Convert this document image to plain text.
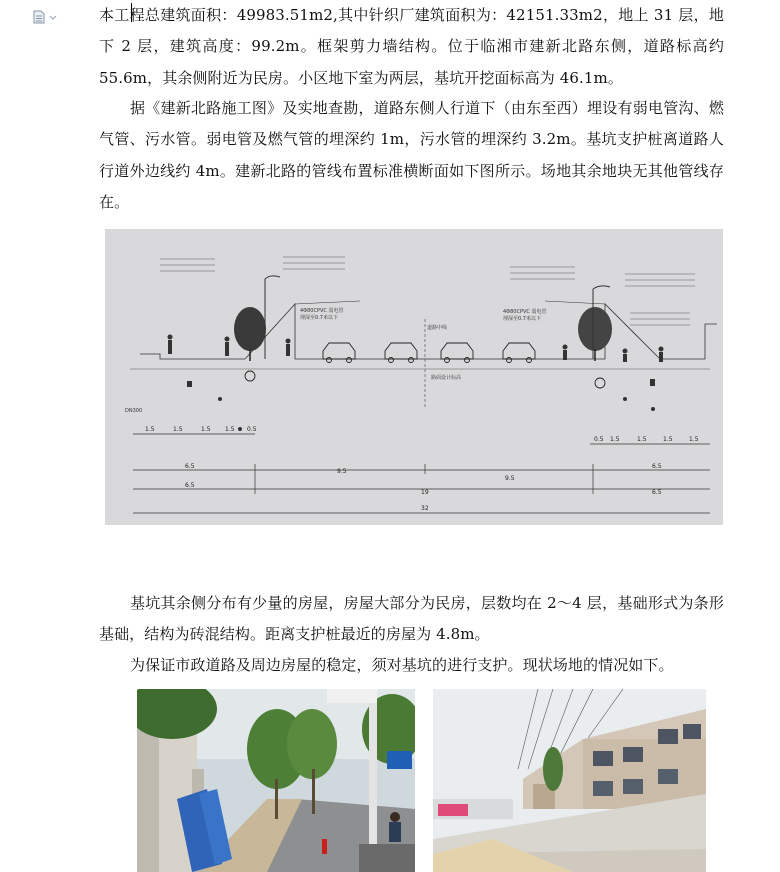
本工程总建筑面积：49983.51m2,其中针织厂建筑面积为：42151.33m2，地上 31 层，地下 2 层，建筑高度：99.2m。框架剪力墙结构。位于临湘市建新北路东侧，道路标高约 55.6m，其余侧附近为民房。小区地下室为两层，基坑开挖面标高为 46.1m。

据《建新北路施工图》及实地查勘，道路东侧人行道下（由东至西）埋设有弱电管沟、燃气管、污水管。弱电管及燃气管的埋深约 1m，污水管的埋深约 3.2m。基坑支护桩离道路人行道外边线约 4m。建新北路的管线布置标准横断面如下图所示。场地其余地块无其他管线存在。

道路中线
4Φ80CPVC 弱电管
埋深至0.7米以下
4Φ80CPVC 弱电管
埋深至0.7米以下
DN300
路面设计标高
1.5	1.5	1.5 1.5 0.5
0.5 1.5	1.5	1.5	1.5
6.5
9.5
9.5
6.5
6.5
19	6.5
32

基坑其余侧分布有少量的房屋，房屋大部分为民房，层数均在 2～4 层，基础形式为条形基础，结构为砖混结构。距离支护桩最近的房屋为 4.8m。

为保证市政道路及周边房屋的稳定，须对基坑的进行支护。现状场地的情况如下。
